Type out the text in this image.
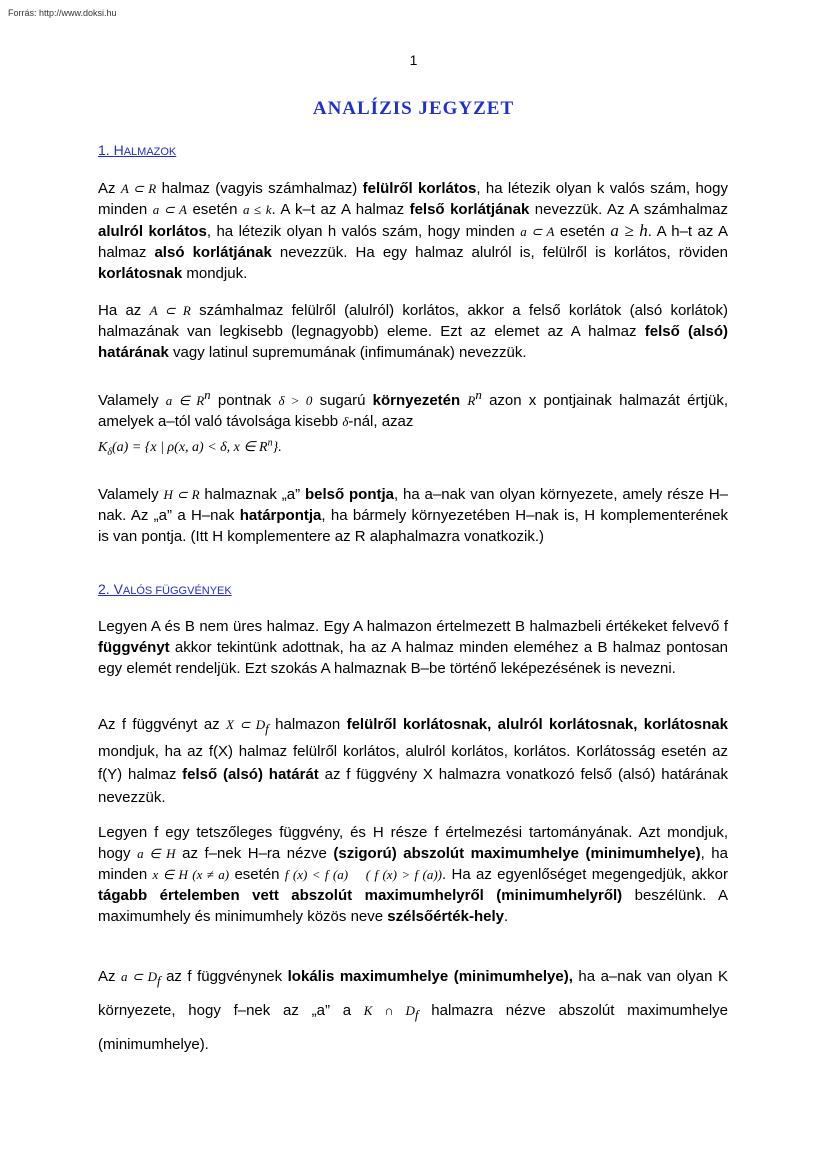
Forrás: http://www.doksi.hu
1
ANALÍZIS JEGYZET
1. HALMAZOK
Az A ⊂ R halmaz (vagyis számhalmaz) felülről korlátos, ha létezik olyan k valós szám, hogy minden a ⊂ A esetén a ≤ k. A k–t az A halmaz felső korlátjának nevezzük. Az A számhalmaz alulról korlátos, ha létezik olyan h valós szám, hogy minden a ⊂ A esetén a ≥ h. A h–t az A halmaz alsó korlátjának nevezzük. Ha egy halmaz alulról is, felülről is korlátos, röviden korlátosnak mondjuk.
Ha az A ⊂ R számhalmaz felülről (alulról) korlátos, akkor a felső korlátok (alsó korlátok) halmazának van legkisebb (legnagyobb) eleme. Ezt az elemet az A halmaz felső (alsó) határának vagy latinul supremumának (infimumának) nevezzük.
Valamely a ∈ $R^n$ pontnak δ > 0 sugarú környezetén $R^n$ azon x pontjainak halmazát értjük, amelyek a–tól való távolsága kisebb δ-nál, azaz
$K_\delta(a) = \{x$ | ρ(x, a) < δ, x ∈ $R^n$}.
Valamely H ⊂ R halmaznak „a” belső pontja, ha a–nak van olyan környezete, amely része H–nak. Az „a” a H–nak határpontja, ha bármely környezetében H–nak is, H komplementerének is van pontja. (Itt H komplementere az R alaphalmazra vonatkozik.)
2. VALÓS FÜGGVÉNYEK
Legyen A és B nem üres halmaz. Egy A halmazon értelmezett B halmazbeli értékeket felvevő f függvényt akkor tekintünk adottnak, ha az A halmaz minden eleméhez a B halmaz pontosan egy elemét rendeljük. Ezt szokás A halmaznak B–be történő leképezésének is nevezni.
Az f függvényt az X ⊂ $D_f$ halmazon felülről korlátosnak, alulról korlátosnak, korlátosnak mondjuk, ha az f(X) halmaz felülről korlátos, alulról korlátos, korlátos. Korlátosság esetén az f(Y) halmaz felső (alsó) határát az f függvény X halmazra vonatkozó felső (alsó) határának nevezzük.
Legyen f egy tetszőleges függvény, és H része f értelmezési tartományának. Azt mondjuk, hogy a ∈ H az f–nek H–ra nézve (szigorú) abszolút maximumhelye (minimumhelye), ha minden x ∈ H (x ≠ a) esetén f (x) < f (a)    ( f (x) > f (a)). Ha az egyenlőséget megengedjük, akkor tágabb értelemben vett abszolút maximumhelyről (minimumhelyről) beszélünk. A maximumhely és minimumhely közös neve szélsőérték-hely.
Az a ⊂ $D_f$ az f függvénynek lokális maximumhelye (minimumhelye), ha a–nak van olyan K környezete, hogy f–nek az „a” a K ∩ $D_f$ halmazra nézve abszolút maximumhelye (minimumhelye).
